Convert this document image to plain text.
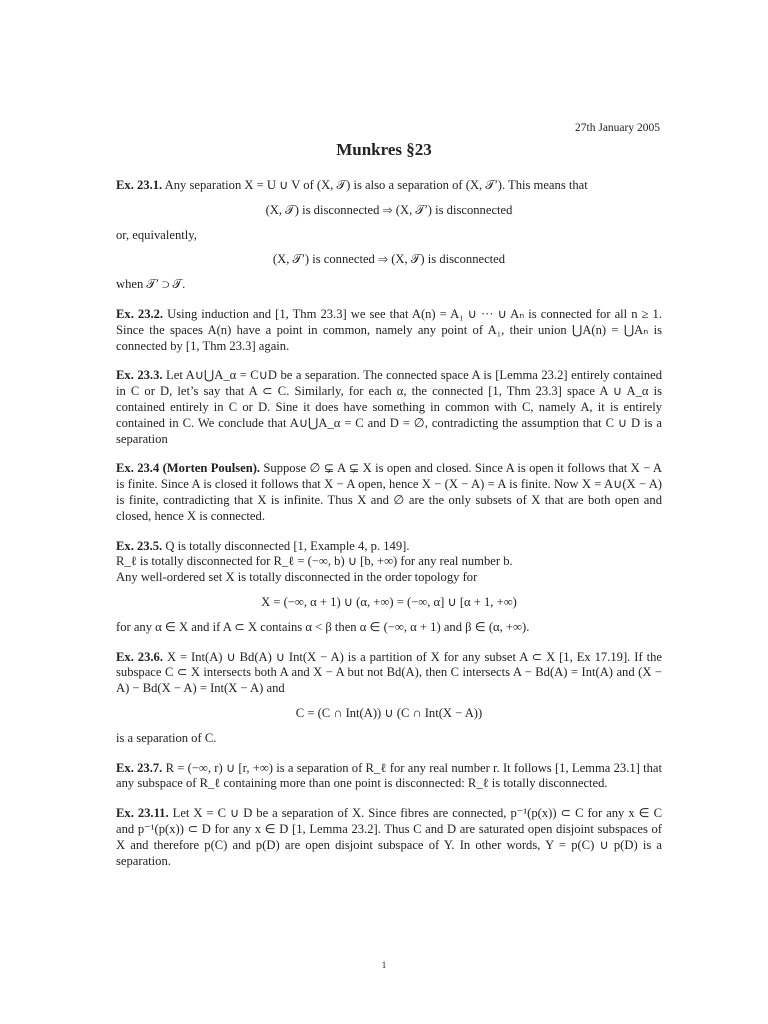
27th January 2005
Munkres §23

Ex. 23.1. Any separation X = U ∪ V of (X, 𝒯) is also a separation of (X, 𝒯′). This means that

(X, 𝒯) is disconnected ⇒ (X, 𝒯′) is disconnected

or, equivalently,

(X, 𝒯′) is connected ⇒ (X, 𝒯) is disconnected

when 𝒯′ ⊃ 𝒯.

Ex. 23.2. Using induction and [1, Thm 23.3] we see that A(n) = A₁ ∪ ··· ∪ Aₙ is connected for all n ≥ 1. Since the spaces A(n) have a point in common, namely any point of A₁, their union ⋃A(n) = ⋃Aₙ is connected by [1, Thm 23.3] again.

Ex. 23.3. Let A∪⋃A_α = C∪D be a separation. The connected space A is [Lemma 23.2] entirely contained in C or D, let’s say that A ⊂ C. Similarly, for each α, the connected [1, Thm 23.3] space A ∪ A_α is contained entirely in C or D. Sine it does have something in common with C, namely A, it is entirely contained in C. We conclude that A∪⋃A_α = C and D = ∅, contradicting the assumption that C ∪ D is a separation

Ex. 23.4 (Morten Poulsen). Suppose ∅ ⊊ A ⊊ X is open and closed. Since A is open it follows that X − A is finite. Since A is closed it follows that X − A open, hence X − (X − A) = A is finite. Now X = A∪(X − A) is finite, contradicting that X is infinite. Thus X and ∅ are the only subsets of X that are both open and closed, hence X is connected.

Ex. 23.5. Q is totally disconnected [1, Example 4, p. 149].

R_ℓ is totally disconnected for R_ℓ = (−∞, b) ∪ [b, +∞) for any real number b.

Any well-ordered set X is totally disconnected in the order topology for

X = (−∞, α + 1) ∪ (α, +∞) = (−∞, α] ∪ [α + 1, +∞)

for any α ∈ X and if A ⊂ X contains α < β then α ∈ (−∞, α + 1) and β ∈ (α, +∞).

Ex. 23.6. X = Int(A) ∪ Bd(A) ∪ Int(X − A) is a partition of X for any subset A ⊂ X [1, Ex 17.19]. If the subspace C ⊂ X intersects both A and X − A but not Bd(A), then C intersects A − Bd(A) = Int(A) and (X − A) − Bd(X − A) = Int(X − A) and

C = (C ∩ Int(A)) ∪ (C ∩ Int(X − A))

is a separation of C.

Ex. 23.7. R = (−∞, r) ∪ [r, +∞) is a separation of R_ℓ for any real number r. It follows [1, Lemma 23.1] that any subspace of R_ℓ containing more than one point is disconnected: R_ℓ is totally disconnected.

Ex. 23.11. Let X = C ∪ D be a separation of X. Since fibres are connected, p⁻¹(p(x)) ⊂ C for any x ∈ C and p⁻¹(p(x)) ⊂ D for any x ∈ D [1, Lemma 23.2]. Thus C and D are saturated open disjoint subspaces of X and therefore p(C) and p(D) are open disjoint subspace of Y. In other words, Y = p(C) ∪ p(D) is a separation.

1
